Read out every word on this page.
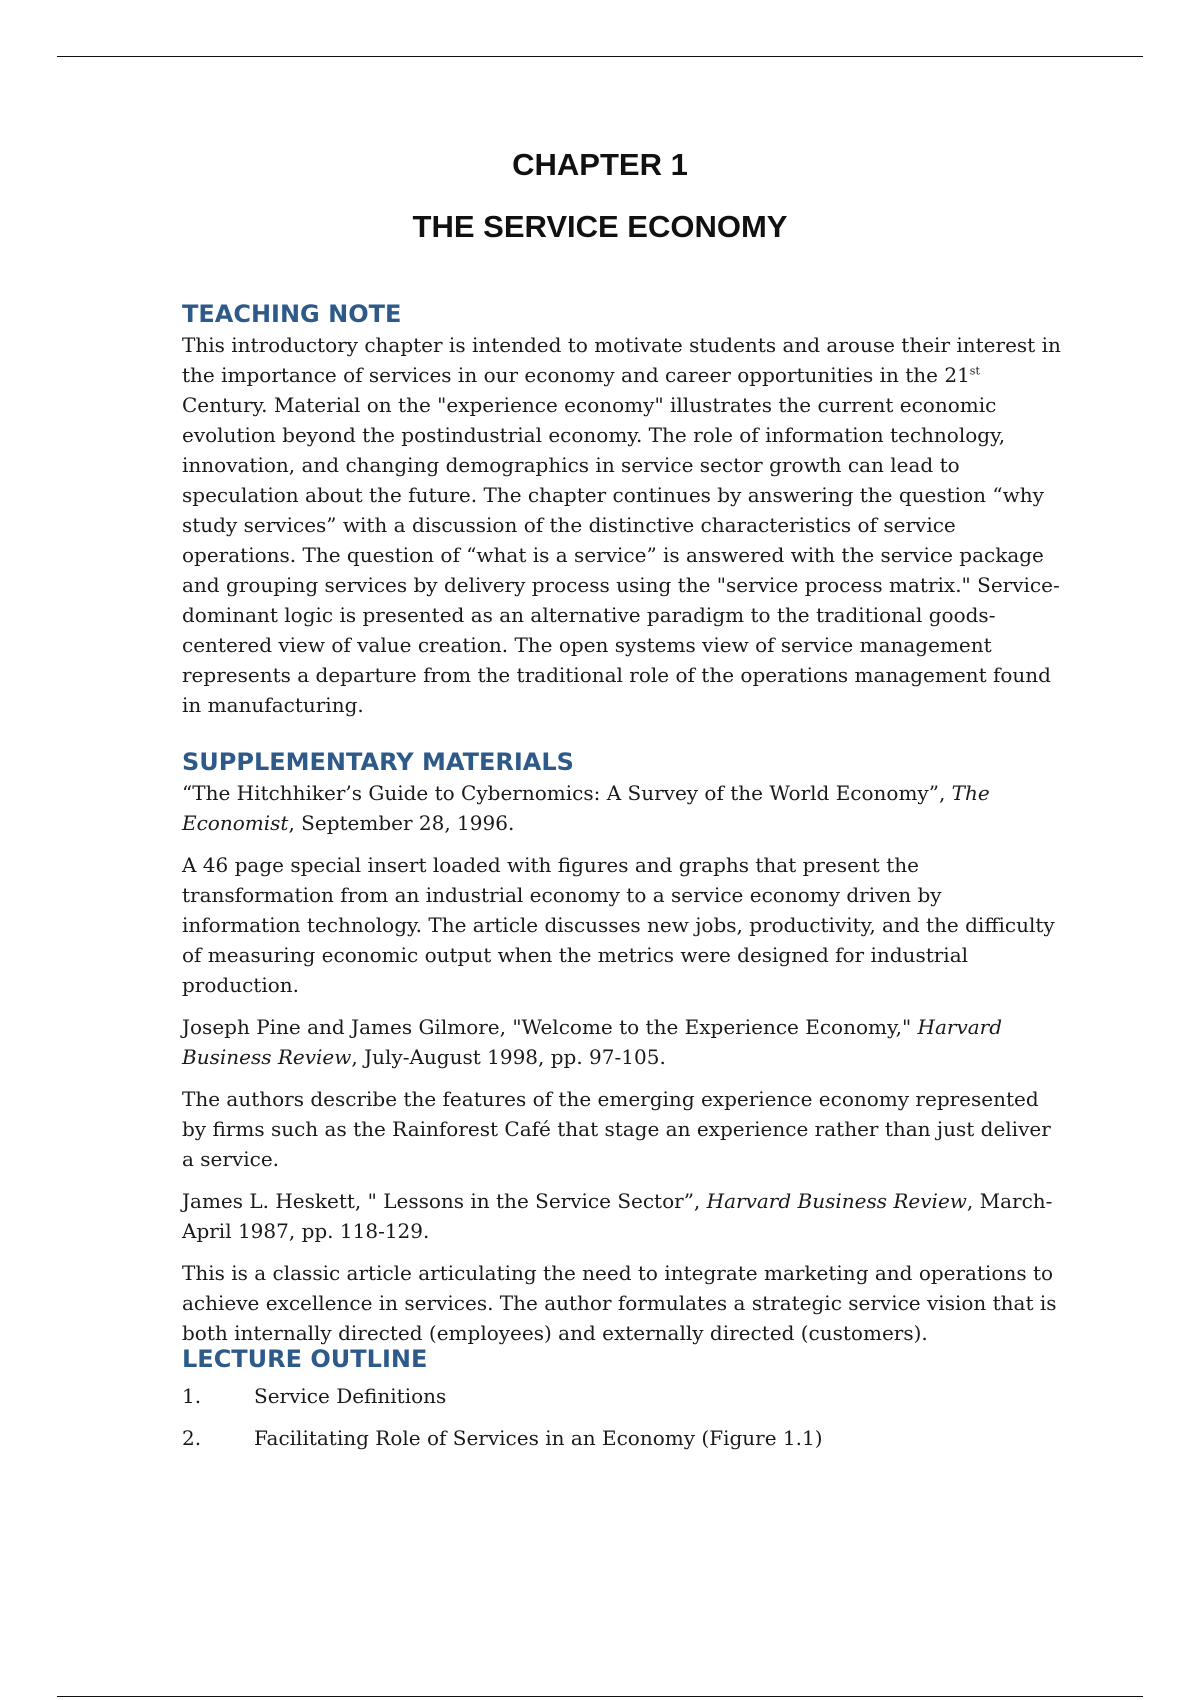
CHAPTER 1
THE SERVICE ECONOMY
TEACHING NOTE

This introductory chapter is intended to motivate students and arouse their interest in the importance of services in our economy and career opportunities in the 21st Century. Material on the "experience economy" illustrates the current economic evolution beyond the postindustrial economy. The role of information technology, innovation, and changing demographics in service sector growth can lead to speculation about the future. The chapter continues by answering the question “why study services” with a discussion of the distinctive characteristics of service operations. The question of “what is a service” is answered with the service package and grouping services by delivery process using the "service process matrix." Service-dominant logic is presented as an alternative paradigm to the traditional goods-centered view of value creation. The open systems view of service management represents a departure from the traditional role of the operations management found in manufacturing.

SUPPLEMENTARY MATERIALS

“The Hitchhiker’s Guide to Cybernomics: A Survey of the World Economy”, The Economist, September 28, 1996.

A 46 page special insert loaded with figures and graphs that present the transformation from an industrial economy to a service economy driven by information technology. The article discusses new jobs, productivity, and the difficulty of measuring economic output when the metrics were designed for industrial production.

Joseph Pine and James Gilmore, "Welcome to the Experience Economy," Harvard Business Review, July-August 1998, pp. 97-105.

The authors describe the features of the emerging experience economy represented by firms such as the Rainforest Café that stage an experience rather than just deliver a service.

James L. Heskett, " Lessons in the Service Sector”, Harvard Business Review, March-April 1987, pp. 118-129.

This is a classic article articulating the need to integrate marketing and operations to achieve excellence in services. The author formulates a strategic service vision that is both internally directed (employees) and externally directed (customers).

LECTURE OUTLINE
1.	Service Definitions
2.	Facilitating Role of Services in an Economy (Figure 1.1)
